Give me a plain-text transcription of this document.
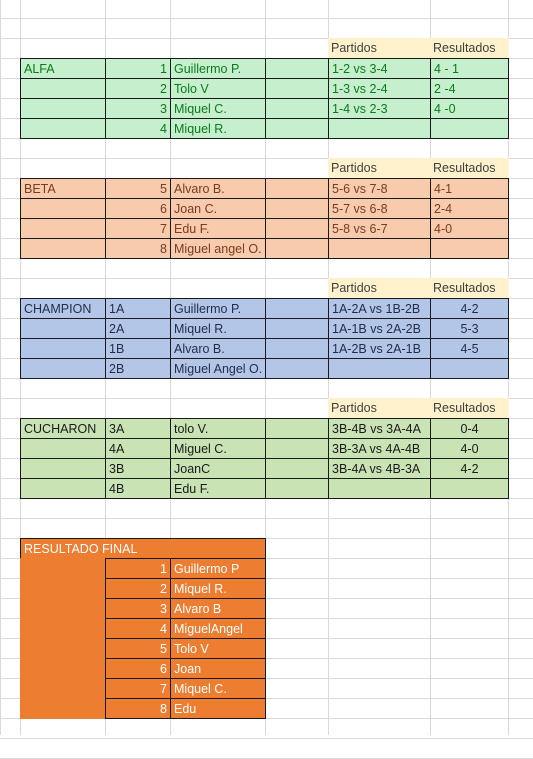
Partidos	Resultados
ALFA	1 Guillermo P.	1-2 vs 3-4	4 - 1
2 Tolo V	1-3 vs 2-4	2 -4
3 Miquel C.	1-4 vs 2-3	4 -0
4 Miquel R.
Partidos	Resultados
BETA	5 Alvaro B.	5-6 vs 7-8	4-1
6 Joan C.	5-7 vs 6-8	2-4
7 Edu F.	5-8 vs 6-7	4-0
8 Miguel angel O.
Partidos	Resultados
CHAMPION	1A	Guillermo P.	1A-2A vs 1B-2B	4-2
2A	Miquel R.	1A-1B vs 2A-2B	5-3
1B	Alvaro B.	1A-2B vs 2A-1B	4-5
2B	Miguel Angel O.
Partidos	Resultados
CUCHARON	3A	tolo V.	3B-4B vs 3A-4A	0-4
4A	Miguel C.	3B-3A vs 4A-4B	4-0
3B	JoanC	3B-4A vs 4B-3A	4-2
4B	Edu F.
RESULTADO FINAL
1 Guillermo P
2 Miquel R.
3 Alvaro B
4 MiguelAngel
5 Tolo V
6 Joan
7 Miquel C.
8 Edu
